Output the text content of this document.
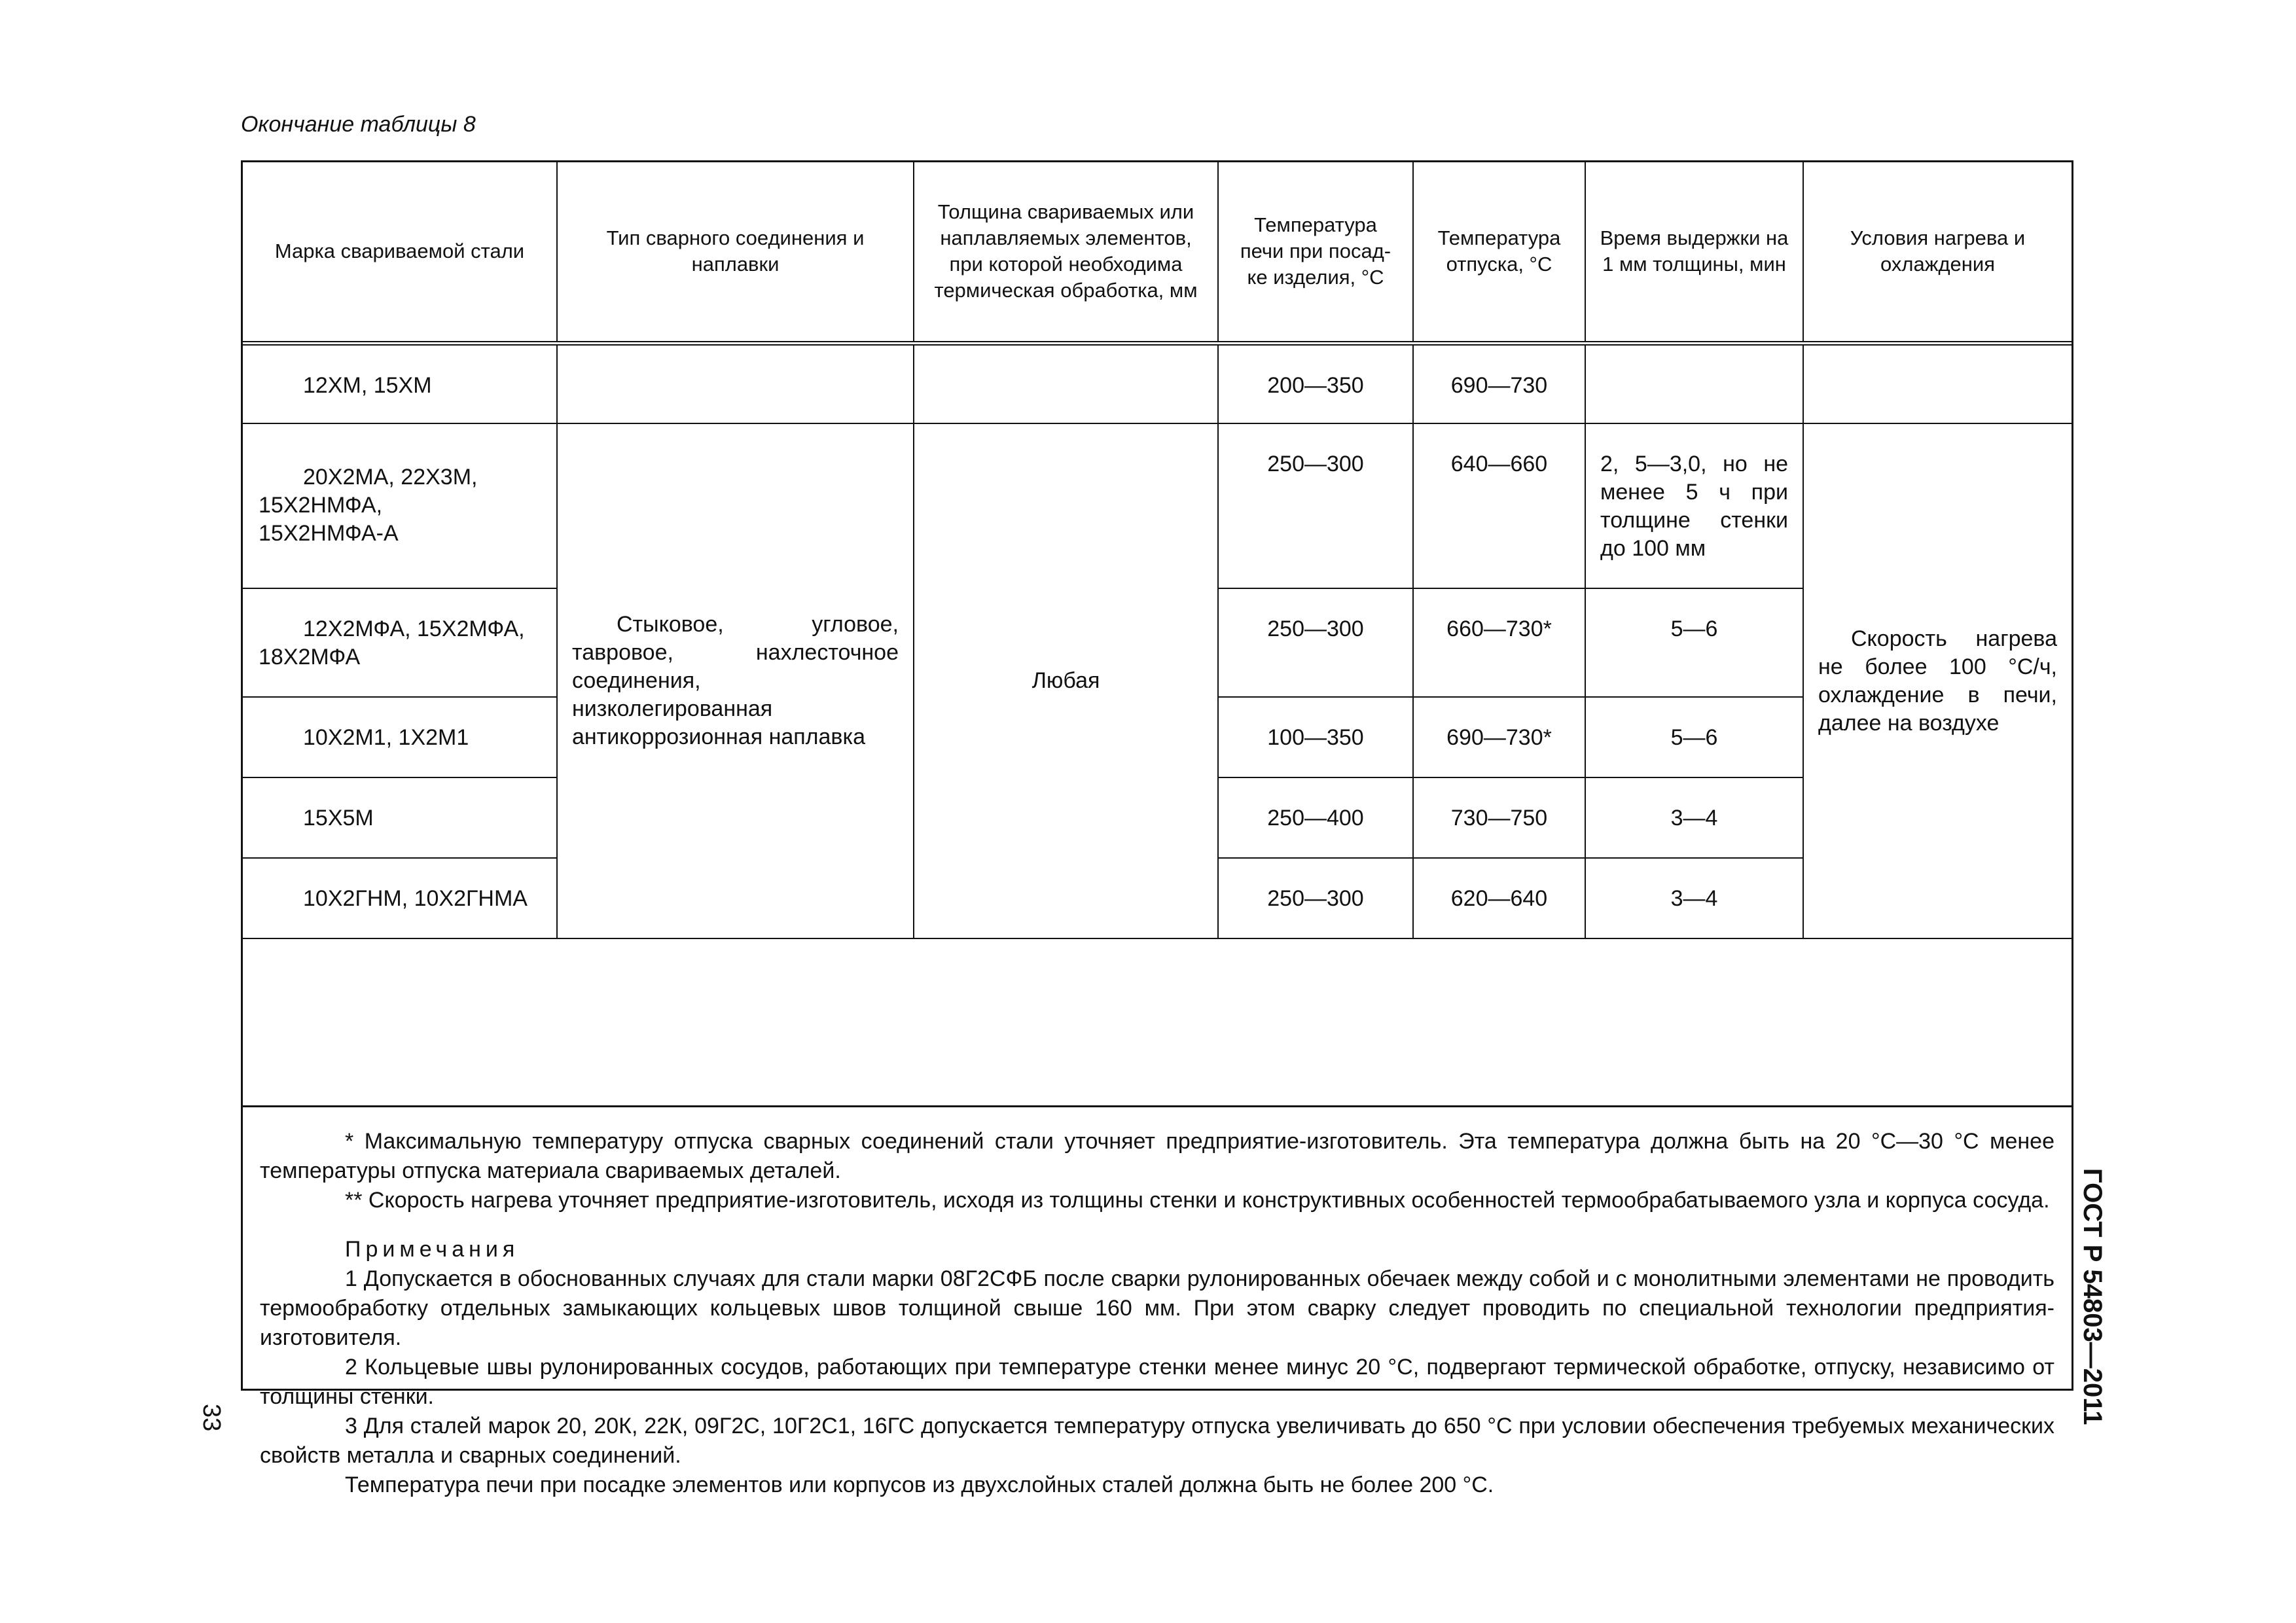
Окончание таблицы 8
Марка свариваемой стали	Тип сварного соединения и наплавки	Толщина свариваемых или наплавляемых элементов, при которой необходима термическая обработка, мм	Температура печи при посад-ке изделия, °С	Температура отпуска, °С	Время выдержки на 1 мм толщины, мин	Условия нагрева и охлаждения

12ХМ, 15ХМ			200—350	690—730		

20Х2МА, 22Х3М,
15Х2НМФА,
15Х2НМФА-А	Стыковое, угловое, тавровое, нахлесточное соединения, низколегированная антикоррозионная наплавка	Любая	250—300	640—660	2, 5—3,0, но не менее 5 ч при толщине стенки до 100 мм	Скорость нагрева не более 100 °С/ч, охлаждение в печи, далее на воздухе

12Х2МФА, 15Х2МФА,
18Х2МФА			250—300	660—730*	5—6	

10Х2М1, 1Х2М1			100—350	690—730*	5—6	

15Х5М			250—400	730—750	3—4	

10Х2ГНМ, 10Х2ГНМА			250—300	620—640	3—4	

* Максимальную температуру отпуска сварных соединений стали уточняет предприятие-изготовитель. Эта температура должна быть на 20 °С—30 °С менее температуры отпуска материала свариваемых деталей.

** Скорость нагрева уточняет предприятие-изготовитель, исходя из толщины стенки и конструктивных особенностей термообрабатываемого узла и корпуса сосуда.

Примечания

1 Допускается в обоснованных случаях для стали марки 08Г2СФБ после сварки рулонированных обечаек между собой и с монолитными элементами не проводить термообработку отдельных замыкающих кольцевых швов толщиной свыше 160 мм. При этом сварку следует проводить по специальной технологии предприятия-изготовителя.

2 Кольцевые швы рулонированных сосудов, работающих при температуре стенки менее минус 20 °С, подвергают термической обработке, отпуску, независимо от толщины стенки.

3 Для сталей марок 20, 20К, 22К, 09Г2С, 10Г2С1, 16ГС допускается температуру отпуска увеличивать до 650 °С при условии обеспечения требуемых механических свойств металла и сварных соединений.

Температура печи при посадке элементов или корпусов из двухслойных сталей должна быть не более 200 °С.

ГОСТ Р 54803—2011
33
